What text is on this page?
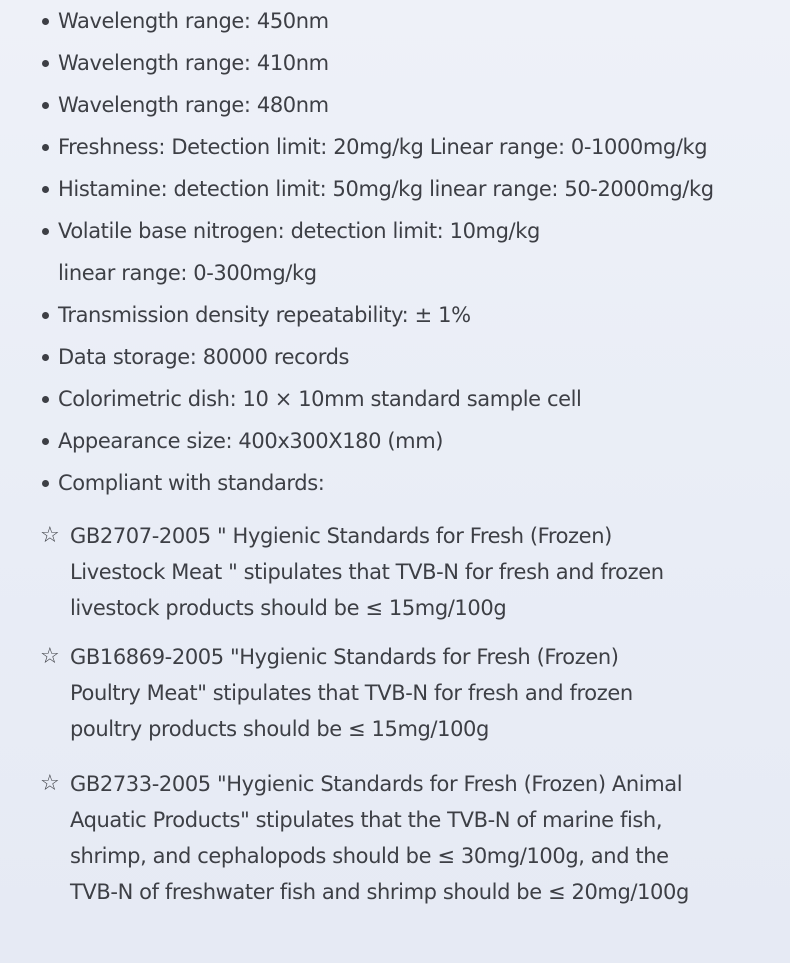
Wavelength range: 450nm
Wavelength range: 410nm
Wavelength range: 480nm
Freshness: Detection limit: 20mg/kg Linear range: 0-1000mg/kg
Histamine: detection limit: 50mg/kg linear range: 50-2000mg/kg
Volatile base nitrogen: detection limit: 10mg/kg
linear range: 0-300mg/kg
Transmission density repeatability: ± 1%
Data storage: 80000 records
Colorimetric dish: 10 × 10mm standard sample cell
Appearance size: 400x300X180 (mm)
Compliant with standards:
☆ GB2707-2005 " Hygienic Standards for Fresh (Frozen)
Livestock Meat " stipulates that TVB-N for fresh and frozen
livestock products should be ≤ 15mg/100g
☆ GB16869-2005 "Hygienic Standards for Fresh (Frozen)
Poultry Meat" stipulates that TVB-N for fresh and frozen
poultry products should be ≤ 15mg/100g
☆ GB2733-2005 "Hygienic Standards for Fresh (Frozen) Animal
Aquatic Products" stipulates that the TVB-N of marine fish,
shrimp, and cephalopods should be ≤ 30mg/100g, and the
TVB-N of freshwater fish and shrimp should be ≤ 20mg/100g
